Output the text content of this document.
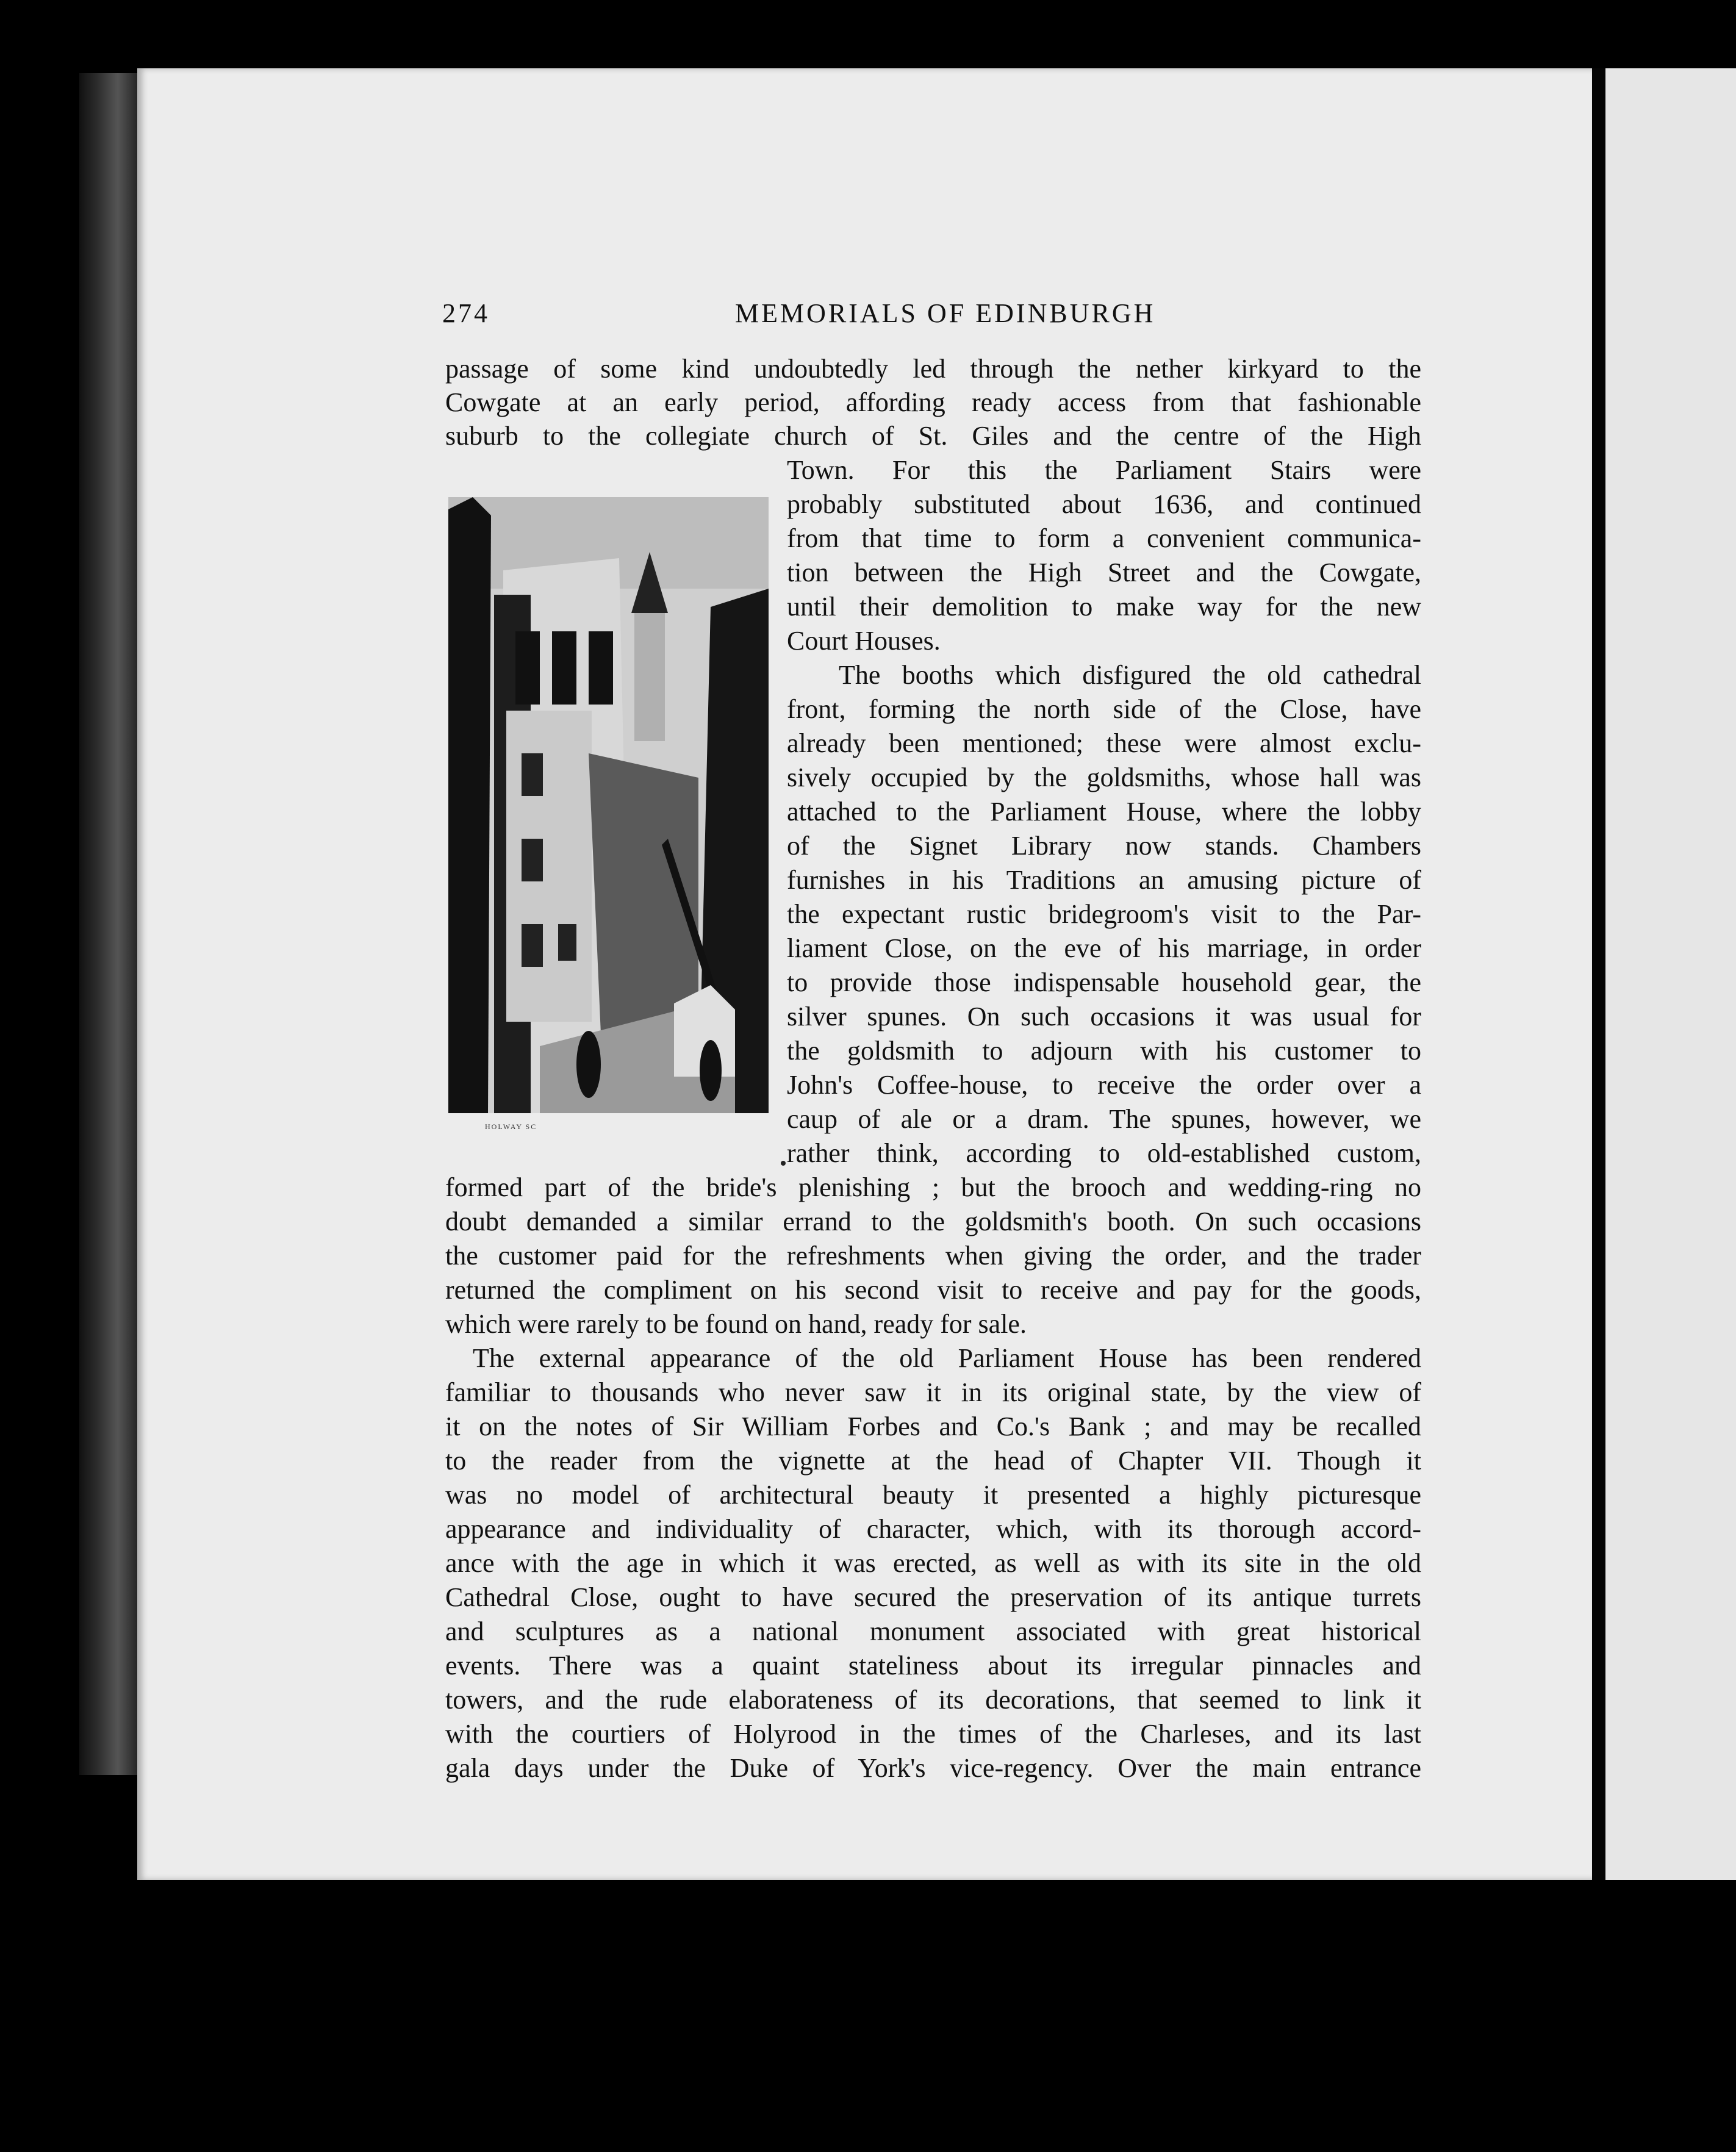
274	MEMORIALS OF EDINBURGH
HOLWAY SC
passage of some kind undoubtedly led through the nether kirkyard to the
Cowgate at an early period, affording ready access from that fashionable
suburb to the collegiate church of St. Giles and the centre of the High
Town. For this the Parliament Stairs were
probably substituted about 1636, and continued
from that time to form a convenient communica-
tion between the High Street and the Cowgate,
until their demolition to make way for the new
Court Houses.
The booths which disfigured the old cathedral
front, forming the north side of the Close, have
already been mentioned; these were almost exclu-
sively occupied by the goldsmiths, whose hall was
attached to the Parliament House, where the lobby
of the Signet Library now stands. Chambers
furnishes in his Traditions an amusing picture of
the expectant rustic bridegroom's visit to the Par-
liament Close, on the eve of his marriage, in order
to provide those indispensable household gear, the
silver spunes. On such occasions it was usual for
the goldsmith to adjourn with his customer to
John's Coffee-house, to receive the order over a
caup of ale or a dram. The spunes, however, we
rather think, according to old-established custom,
formed part of the bride's plenishing ; but the brooch and wedding-ring no
doubt demanded a similar errand to the goldsmith's booth. On such occasions
the customer paid for the refreshments when giving the order, and the trader
returned the compliment on his second visit to receive and pay for the goods,
which were rarely to be found on hand, ready for sale.
The external appearance of the old Parliament House has been rendered
familiar to thousands who never saw it in its original state, by the view of
it on the notes of Sir William Forbes and Co.'s Bank ; and may be recalled
to the reader from the vignette at the head of Chapter VII. Though it
was no model of architectural beauty it presented a highly picturesque
appearance and individuality of character, which, with its thorough accord-
ance with the age in which it was erected, as well as with its site in the old
Cathedral Close, ought to have secured the preservation of its antique turrets
and sculptures as a national monument associated with great historical
events. There was a quaint stateliness about its irregular pinnacles and
towers, and the rude elaborateness of its decorations, that seemed to link it
with the courtiers of Holyrood in the times of the Charleses, and its last
gala days under the Duke of York's vice-regency. Over the main entrance
